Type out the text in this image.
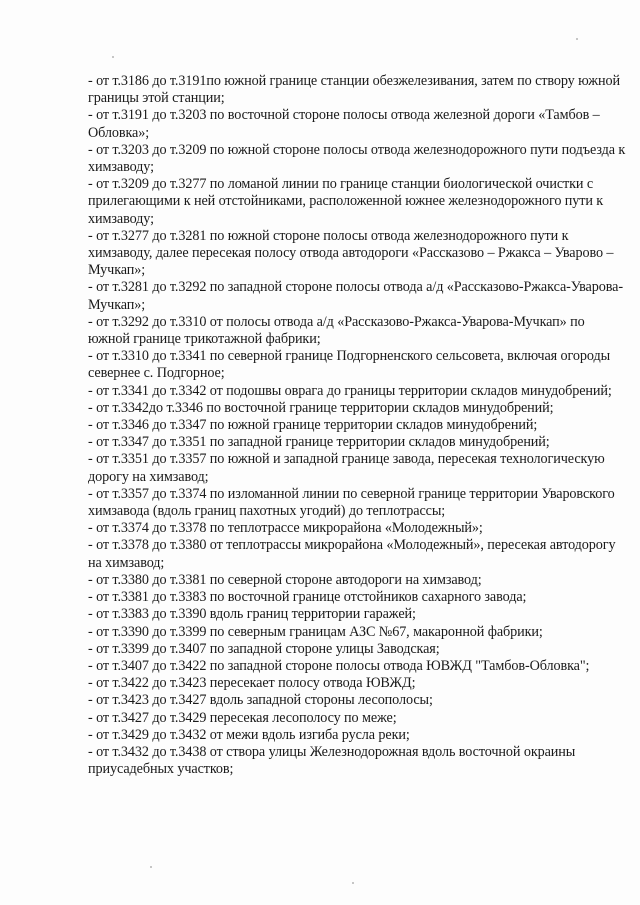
- от т.3186 до т.3191по южной границе станции обезжелезивания, затем по створу южной границы этой станции;

- от т.3191 до т.3203 по восточной стороне полосы отвода железной дороги «Тамбов – Обловка»;

- от т.3203 до т.3209 по южной стороне полосы отвода железнодорожного пути подъезда к химзаводу;

- от т.3209 до т.3277 по ломаной линии по границе станции биологической очистки с прилегающими к ней отстойниками, расположенной южнее железнодорожного пути к химзаводу;

- от т.3277 до т.3281 по южной стороне полосы отвода железнодорожного пути к химзаводу, далее пересекая полосу отвода автодороги «Рассказово – Ржакса – Уварово – Мучкап»;

- от т.3281 до т.3292 по западной стороне полосы отвода а/д «Рассказово-Ржакса-Уварова-Мучкап»;

- от т.3292 до т.3310 от полосы отвода а/д «Рассказово-Ржакса-Уварова-Мучкап» по южной границе трикотажной фабрики;

- от т.3310 до т.3341 по северной границе Подгорненского сельсовета, включая огороды севернее с. Подгорное;

- от т.3341 до т.3342 от подошвы оврага до границы территории складов минудобрений;

- от т.3342до т.3346 по восточной границе территории складов минудобрений;

- от т.3346 до т.3347 по южной границе территории складов минудобрений;

- от т.3347 до т.3351 по западной границе территории складов минудобрений;

- от т.3351 до т.3357 по южной и западной границе завода, пересекая технологическую дорогу на химзавод;

- от т.3357 до т.3374 по изломанной линии по северной границе территории Уваровского химзавода (вдоль границ пахотных угодий) до теплотрассы;

- от т.3374 до т.3378 по теплотрассе микрорайона «Молодежный»;

- от т.3378 до т.3380 от теплотрассы микрорайона «Молодежный», пересекая автодорогу на химзавод;

- от т.3380 до т.3381 по северной стороне автодороги на химзавод;

- от т.3381 до т.3383 по восточной границе отстойников сахарного завода;

- от т.3383 до т.3390 вдоль границ территории гаражей;

- от т.3390 до т.3399 по северным границам АЗС №67, макаронной фабрики;

- от т.3399 до т.3407 по западной стороне улицы Заводская;

- от т.3407 до т.3422 по западной стороне полосы отвода ЮВЖД "Тамбов-Обловка";

- от т.3422 до т.3423 пересекает полосу отвода ЮВЖД;

- от т.3423 до т.3427 вдоль западной стороны лесополосы;

- от т.3427 до т.3429 пересекая лесополосу по меже;

- от т.3429 до т.3432 от межи вдоль изгиба русла реки;

- от т.3432 до т.3438 от створа улицы Железнодорожная вдоль восточной окраины приусадебных участков;
